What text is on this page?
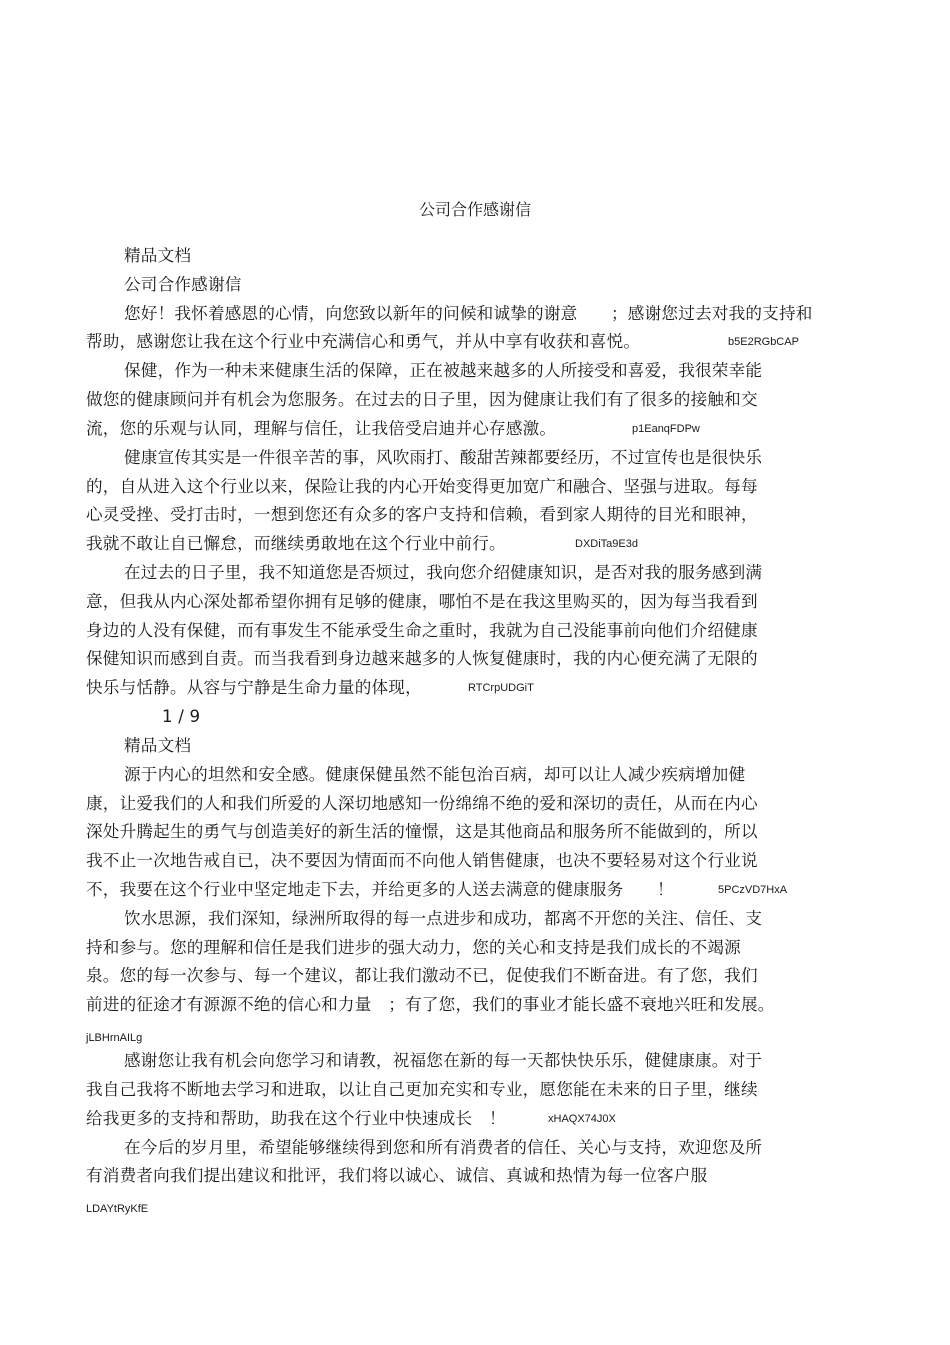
公司合作感谢信
精品文档
公司合作感谢信
您好！我怀着感恩的心情，向您致以新年的问候和诚挚的谢意　　；感谢您过去对我的支持和
帮助，感谢您让我在这个行业中充满信心和勇气，并从中享有收获和喜悦。	b5E2RGbCAP
保健，作为一种未来健康生活的保障，正在被越来越多的人所接受和喜爱，我很荣幸能
做您的健康顾问并有机会为您服务。在过去的日子里，因为健康让我们有了很多的接触和交
流，您的乐观与认同，理解与信任，让我倍受启迪并心存感激。	p1EanqFDPw
健康宣传其实是一件很辛苦的事，风吹雨打、酸甜苦辣都要经历，不过宣传也是很快乐
的，自从进入这个行业以来，保险让我的内心开始变得更加宽广和融合、坚强与进取。每每
心灵受挫、受打击时，一想到您还有众多的客户支持和信赖，看到家人期待的目光和眼神，
我就不敢让自已懈怠，而继续勇敢地在这个行业中前行。	DXDiTa9E3d
在过去的日子里，我不知道您是否烦过，我向您介绍健康知识，是否对我的服务感到满
意，但我从内心深处都希望你拥有足够的健康，哪怕不是在我这里购买的，因为每当我看到
身边的人没有保健，而有事发生不能承受生命之重时，我就为自己没能事前向他们介绍健康
保健知识而感到自责。而当我看到身边越来越多的人恢复健康时，我的内心便充满了无限的
快乐与恬静。从容与宁静是生命力量的体现，	RTCrpUDGiT
1 / 9
精品文档
源于内心的坦然和安全感。健康保健虽然不能包治百病，却可以让人减少疾病增加健
康，让爱我们的人和我们所爱的人深切地感知一份绵绵不绝的爱和深切的责任，从而在内心
深处升腾起生的勇气与创造美好的新生活的憧憬，这是其他商品和服务所不能做到的，所以
我不止一次地告戒自已，决不要因为情面而不向他人销售健康，也决不要轻易对这个行业说
不，我要在这个行业中坚定地走下去，并给更多的人送去满意的健康服务　　！	5PCzVD7HxA
饮水思源，我们深知，绿洲所取得的每一点进步和成功，都离不开您的关注、信任、支
持和参与。您的理解和信任是我们进步的强大动力，您的关心和支持是我们成长的不竭源
泉。您的每一次参与、每一个建议，都让我们激动不已，促使我们不断奋进。有了您，我们
前进的征途才有源源不绝的信心和力量　；有了您，我们的事业才能长盛不衰地兴旺和发展。
jLBHrnAILg
感谢您让我有机会向您学习和请教，祝福您在新的每一天都快快乐乐，健健康康。对于
我自己我将不断地去学习和进取，以让自己更加充实和专业，愿您能在未来的日子里，继续
给我更多的支持和帮助，助我在这个行业中快速成长　！	xHAQX74J0X
在今后的岁月里，希望能够继续得到您和所有消费者的信任、关心与支持，欢迎您及所
有消费者向我们提出建议和批评，我们将以诚心、诚信、真诚和热情为每一位客户服
LDAYtRyKfE
